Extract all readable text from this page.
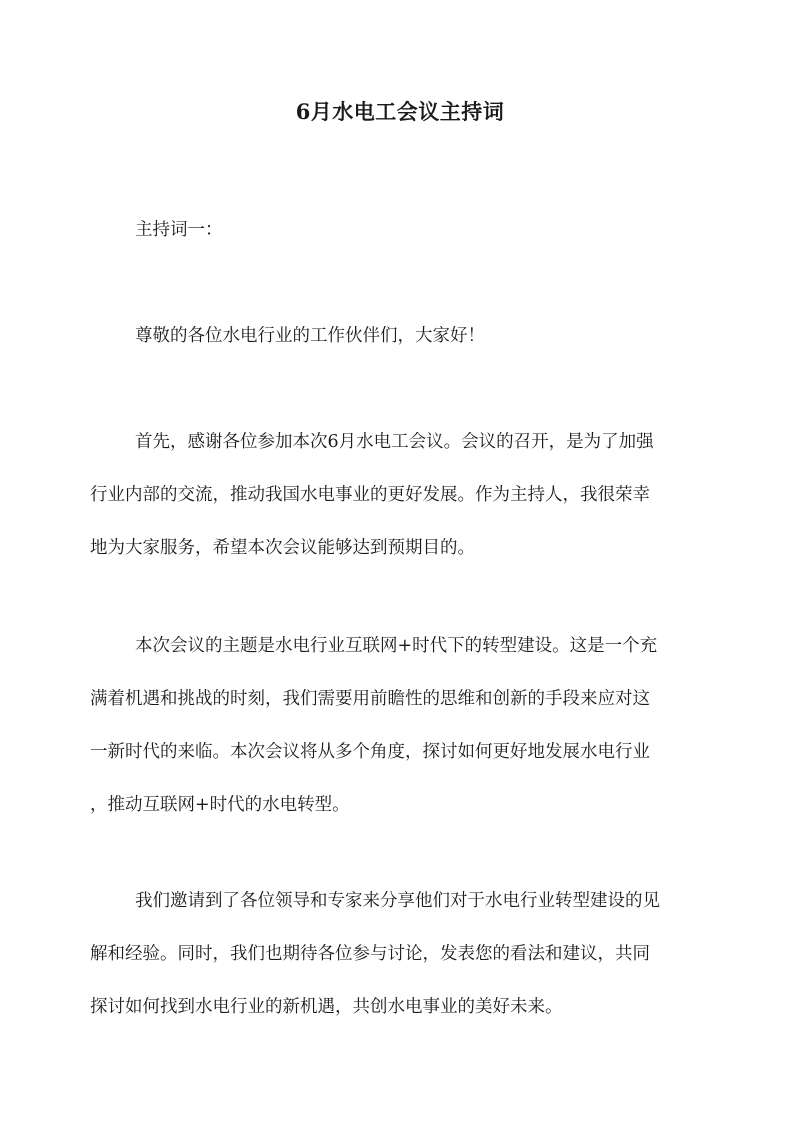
6月水电工会议主持词
主持词一：
尊敬的各位水电行业的工作伙伴们，大家好！
首先，感谢各位参加本次6月水电工会议。会议的召开，是为了加强
行业内部的交流，推动我国水电事业的更好发展。作为主持人，我很荣幸
地为大家服务，希望本次会议能够达到预期目的。
本次会议的主题是水电行业互联网+时代下的转型建设。这是一个充
满着机遇和挑战的时刻，我们需要用前瞻性的思维和创新的手段来应对这
一新时代的来临。本次会议将从多个角度，探讨如何更好地发展水电行业
，推动互联网+时代的水电转型。
我们邀请到了各位领导和专家来分享他们对于水电行业转型建设的见
解和经验。同时，我们也期待各位参与讨论，发表您的看法和建议，共同
探讨如何找到水电行业的新机遇，共创水电事业的美好未来。
